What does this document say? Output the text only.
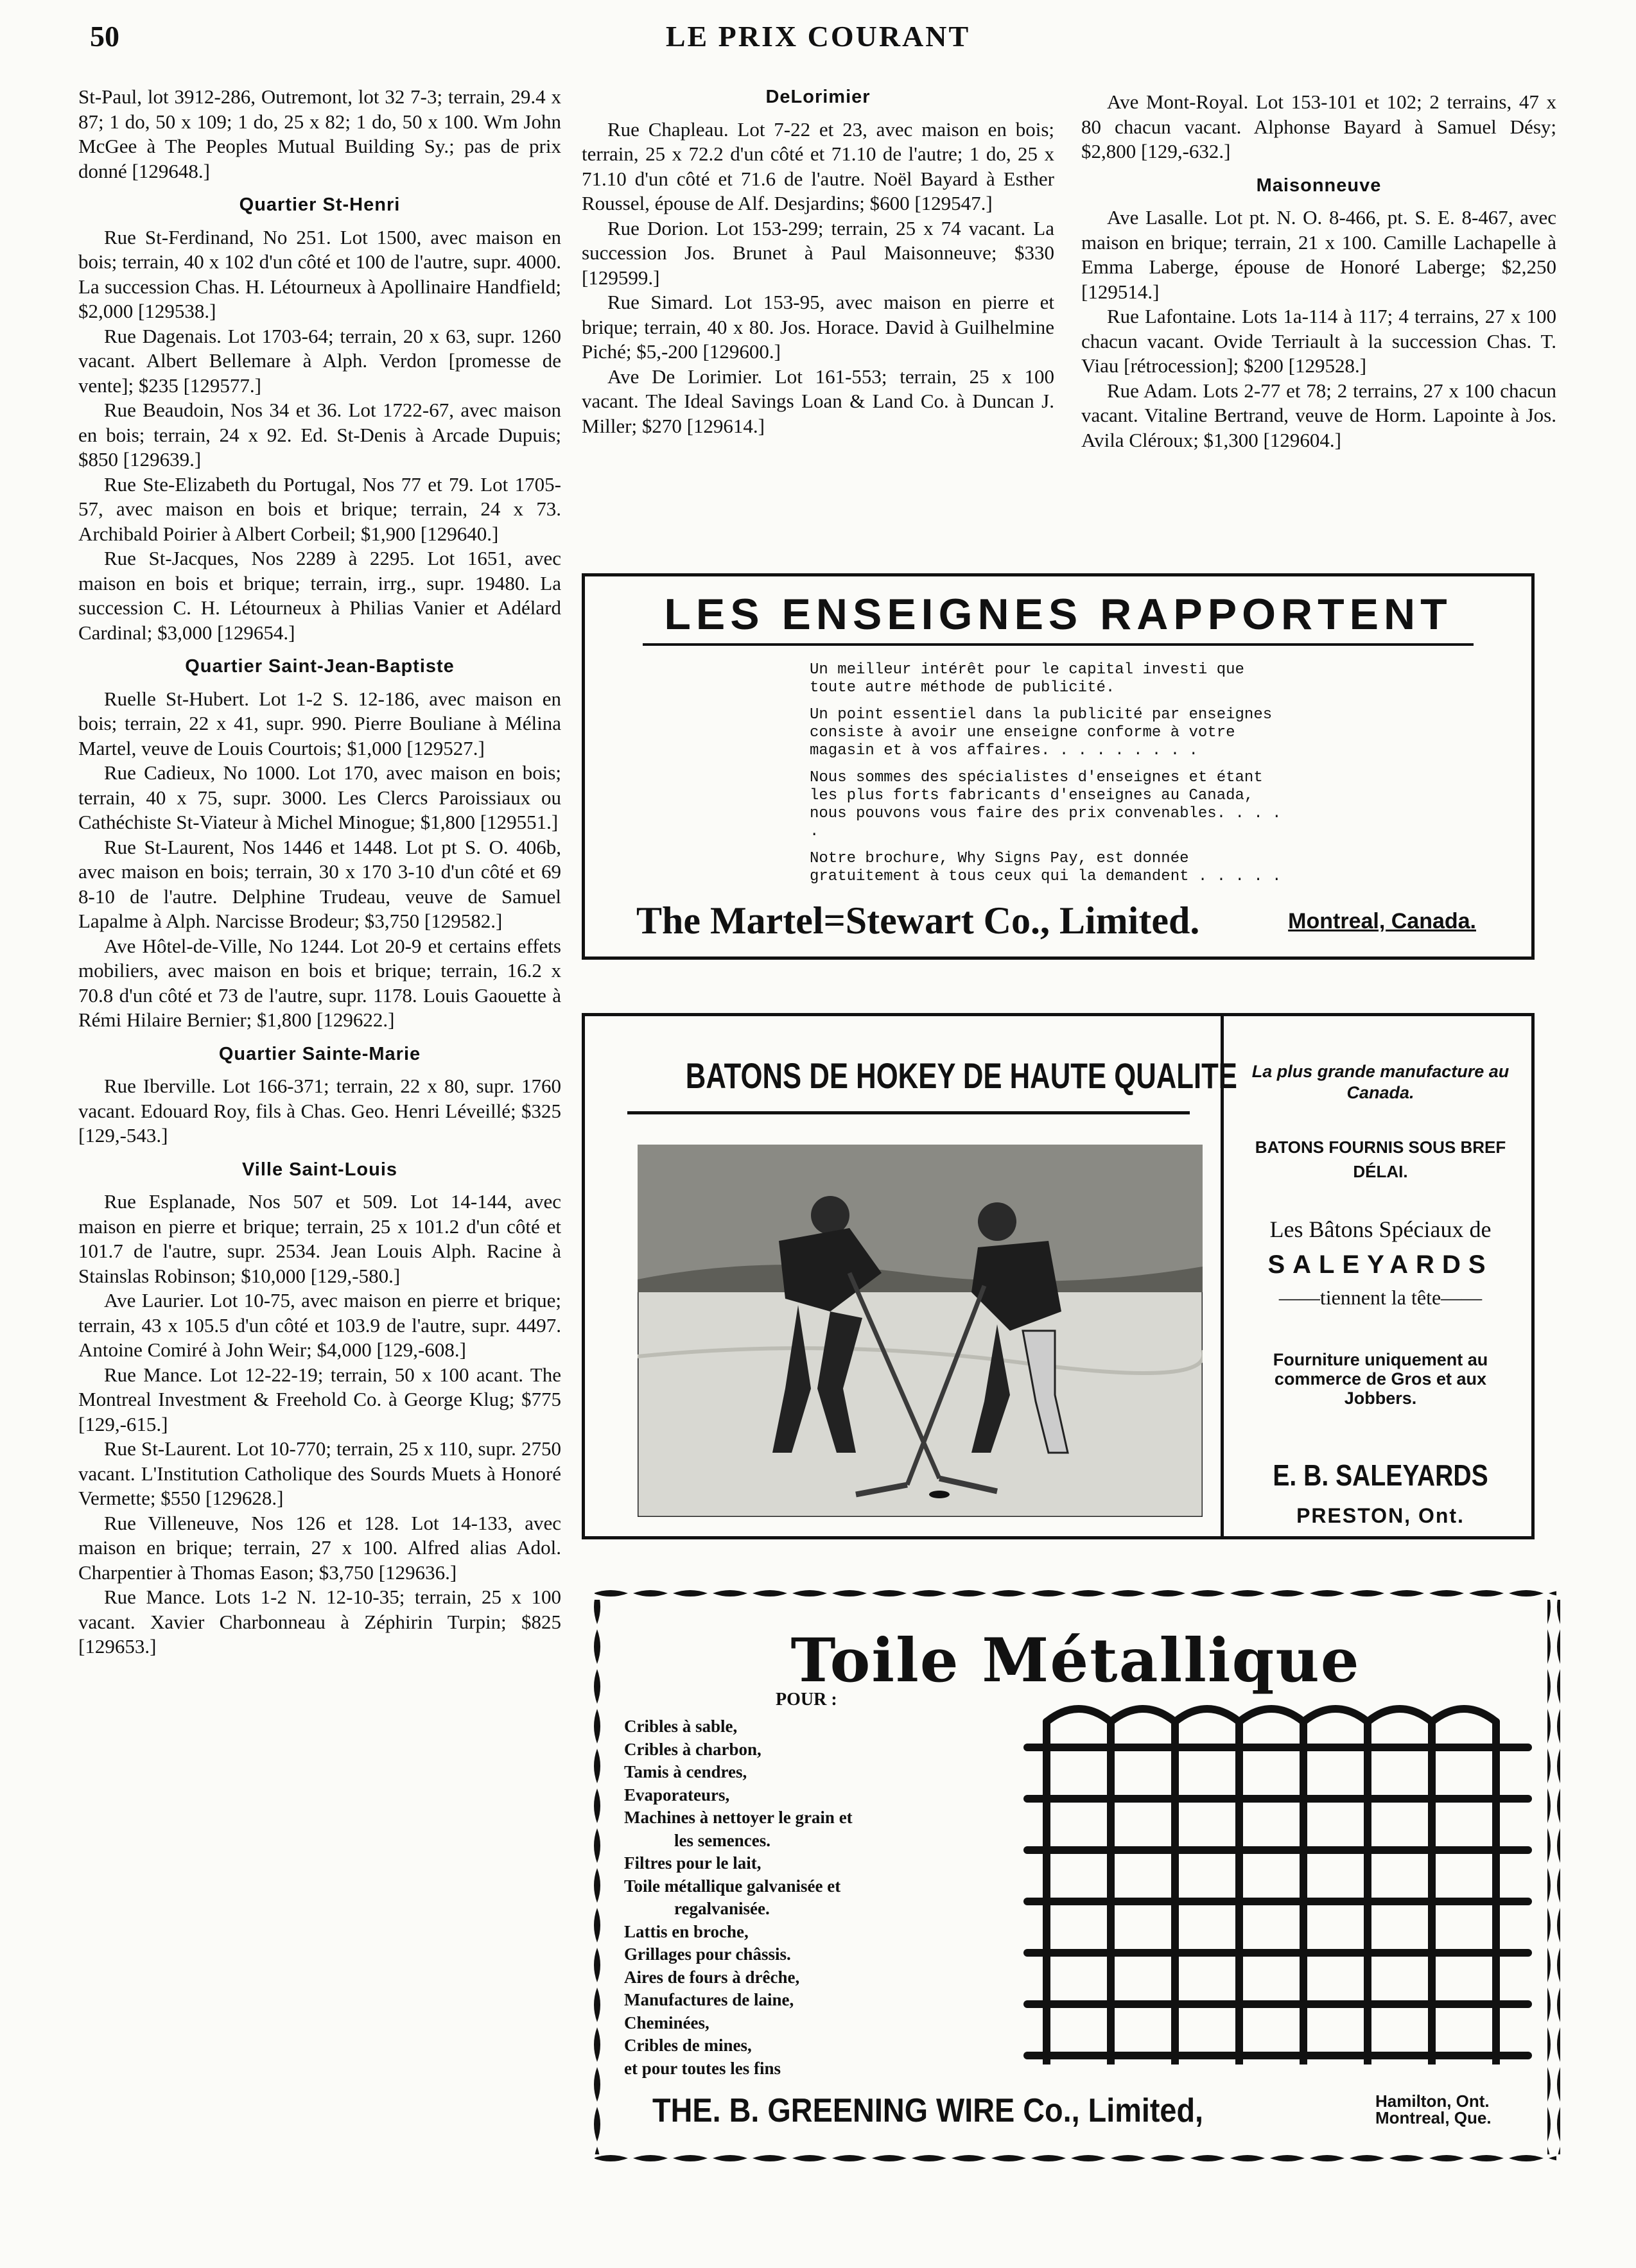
50	LE PRIX COURANT

St-Paul, lot 3912-286, Outremont, lot 32 7-3; terrain, 29.4 x 87; 1 do, 50 x 109; 1 do, 25 x 82; 1 do, 50 x 100. Wm John McGee à The Peoples Mutual Building Sy.; pas de prix donné [129648.]

Quartier St-Henri

Rue St-Ferdinand, No 251. Lot 1500, avec maison en bois; terrain, 40 x 102 d'un côté et 100 de l'autre, supr. 4000. La succession Chas. H. Létourneux à Apollinaire Handfield; $2,000 [129538.]

Rue Dagenais. Lot 1703-64; terrain, 20 x 63, supr. 1260 vacant. Albert Bellemare à Alph. Verdon [promesse de vente]; $235 [129577.]

Rue Beaudoin, Nos 34 et 36. Lot 1722-67, avec maison en bois; terrain, 24 x 92. Ed. St-Denis à Arcade Dupuis; $850 [129639.]

Rue Ste-Elizabeth du Portugal, Nos 77 et 79. Lot 1705-57, avec maison en bois et brique; terrain, 24 x 73. Archibald Poirier à Albert Corbeil; $1,900 [129640.]

Rue St-Jacques, Nos 2289 à 2295. Lot 1651, avec maison en bois et brique; terrain, irrg., supr. 19480. La succession C. H. Létourneux à Philias Vanier et Adélard Cardinal; $3,000 [129654.]

Quartier Saint-Jean-Baptiste

Ruelle St-Hubert. Lot 1-2 S. 12-186, avec maison en bois; terrain, 22 x 41, supr. 990. Pierre Bouliane à Mélina Martel, veuve de Louis Courtois; $1,000 [129527.]

Rue Cadieux, No 1000. Lot 170, avec maison en bois; terrain, 40 x 75, supr. 3000. Les Clercs Paroissiaux ou Cathéchiste St-Viateur à Michel Minogue; $1,800 [129551.]

Rue St-Laurent, Nos 1446 et 1448. Lot pt S. O. 406b, avec maison en bois; terrain, 30 x 170 3-10 d'un côté et 69 8-10 de l'autre. Delphine Trudeau, veuve de Samuel Lapalme à Alph. Narcisse Brodeur; $3,750 [129582.]

Ave Hôtel-de-Ville, No 1244. Lot 20-9 et certains effets mobiliers, avec maison en bois et brique; terrain, 16.2 x 70.8 d'un côté et 73 de l'autre, supr. 1178. Louis Gaouette à Rémi Hilaire Bernier; $1,800 [129622.]

Quartier Sainte-Marie

Rue Iberville. Lot 166-371; terrain, 22 x 80, supr. 1760 vacant. Edouard Roy, fils à Chas. Geo. Henri Léveillé; $325 [129,-543.]

Ville Saint-Louis

Rue Esplanade, Nos 507 et 509. Lot 14-144, avec maison en pierre et brique; terrain, 25 x 101.2 d'un côté et 101.7 de l'autre, supr. 2534. Jean Louis Alph. Racine à Stainslas Robinson; $10,000 [129,-580.]

Ave Laurier. Lot 10-75, avec maison en pierre et brique; terrain, 43 x 105.5 d'un côté et 103.9 de l'autre, supr. 4497. Antoine Comiré à John Weir; $4,000 [129,-608.]

Rue Mance. Lot 12-22-19; terrain, 50 x 100 acant. The Montreal Investment & Freehold Co. à George Klug; $775 [129,-615.]

Rue St-Laurent. Lot 10-770; terrain, 25 x 110, supr. 2750 vacant. L'Institution Catholique des Sourds Muets à Honoré Vermette; $550 [129628.]

Rue Villeneuve, Nos 126 et 128. Lot 14-133, avec maison en brique; terrain, 27 x 100. Alfred alias Adol. Charpentier à Thomas Eason; $3,750 [129636.]

Rue Mance. Lots 1-2 N. 12-10-35; terrain, 25 x 100 vacant. Xavier Charbonneau à Zéphirin Turpin; $825 [129653.]

DeLorimier

Rue Chapleau. Lot 7-22 et 23, avec maison en bois; terrain, 25 x 72.2 d'un côté et 71.10 de l'autre; 1 do, 25 x 71.10 d'un côté et 71.6 de l'autre. Noël Bayard à Esther Roussel, épouse de Alf. Desjardins; $600 [129547.]

Rue Dorion. Lot 153-299; terrain, 25 x 74 vacant. La succession Jos. Brunet à Paul Maisonneuve; $330 [129599.]

Rue Simard. Lot 153-95, avec maison en pierre et brique; terrain, 40 x 80. Jos. Horace. David à Guilhelmine Piché; $5,-200 [129600.]

Ave De Lorimier. Lot 161-553; terrain, 25 x 100 vacant. The Ideal Savings Loan & Land Co. à Duncan J. Miller; $270 [129614.]

Ave Mont-Royal. Lot 153-101 et 102; 2 terrains, 47 x 80 chacun vacant. Alphonse Bayard à Samuel Désy; $2,800 [129,-632.]

Maisonneuve

Ave Lasalle. Lot pt. N. O. 8-466, pt. S. E. 8-467, avec maison en brique; terrain, 21 x 100. Camille Lachapelle à Emma Laberge, épouse de Honoré Laberge; $2,250 [129514.]

Rue Lafontaine. Lots 1a-114 à 117; 4 terrains, 27 x 100 chacun vacant. Ovide Terriault à la succession Chas. T. Viau [rétrocession]; $200 [129528.]

Rue Adam. Lots 2-77 et 78; 2 terrains, 27 x 100 chacun vacant. Vitaline Bertrand, veuve de Horm. Lapointe à Jos. Avila Cléroux; $1,300 [129604.]

LES ENSEIGNES RAPPORTENT

Un meilleur intérêt pour le capital investi que toute autre méthode de publicité.

Un point essentiel dans la publicité par enseignes consiste à avoir une enseigne conforme à votre magasin et à vos affaires. . . . . . . . .

Nous sommes des spécialistes d'enseignes et étant les plus forts fabricants d'enseignes au Canada, nous pouvons vous faire des prix convenables. . . . .

Notre brochure, Why Signs Pay, est donnée gratuitement à tous ceux qui la demandent . . . . .

The Martel=Stewart Co., Limited.	Montreal, Canada.
BATONS DE HOKEY DE HAUTE QUALITE La plus grande manufacture au Canada.
BATONS FOURNIS SOUS BREF DÉLAI.
Les Bâtons Spéciaux de
SALEYARDS
——tiennent la tête——
Fourniture uniquement au commerce de Gros et aux Jobbers.
E. B. SALEYARDS
PRESTON, Ont.
Toile Métallique
POUR :
Cribles à sable,
Cribles à charbon,
Tamis à cendres,
Evaporateurs,
Machines à nettoyer le grain et
les semences.
Filtres pour le lait,
Toile métallique galvanisée et
regalvanisée.
Lattis en broche,
Grillages pour châssis.
Aires de fours à drêche,
Manufactures de laine,
Cheminées,
Cribles de mines,
et pour toutes les fins
THE. B. GREENING WIRE Co., Limited,	Hamilton, Ont.
Montreal, Que.
